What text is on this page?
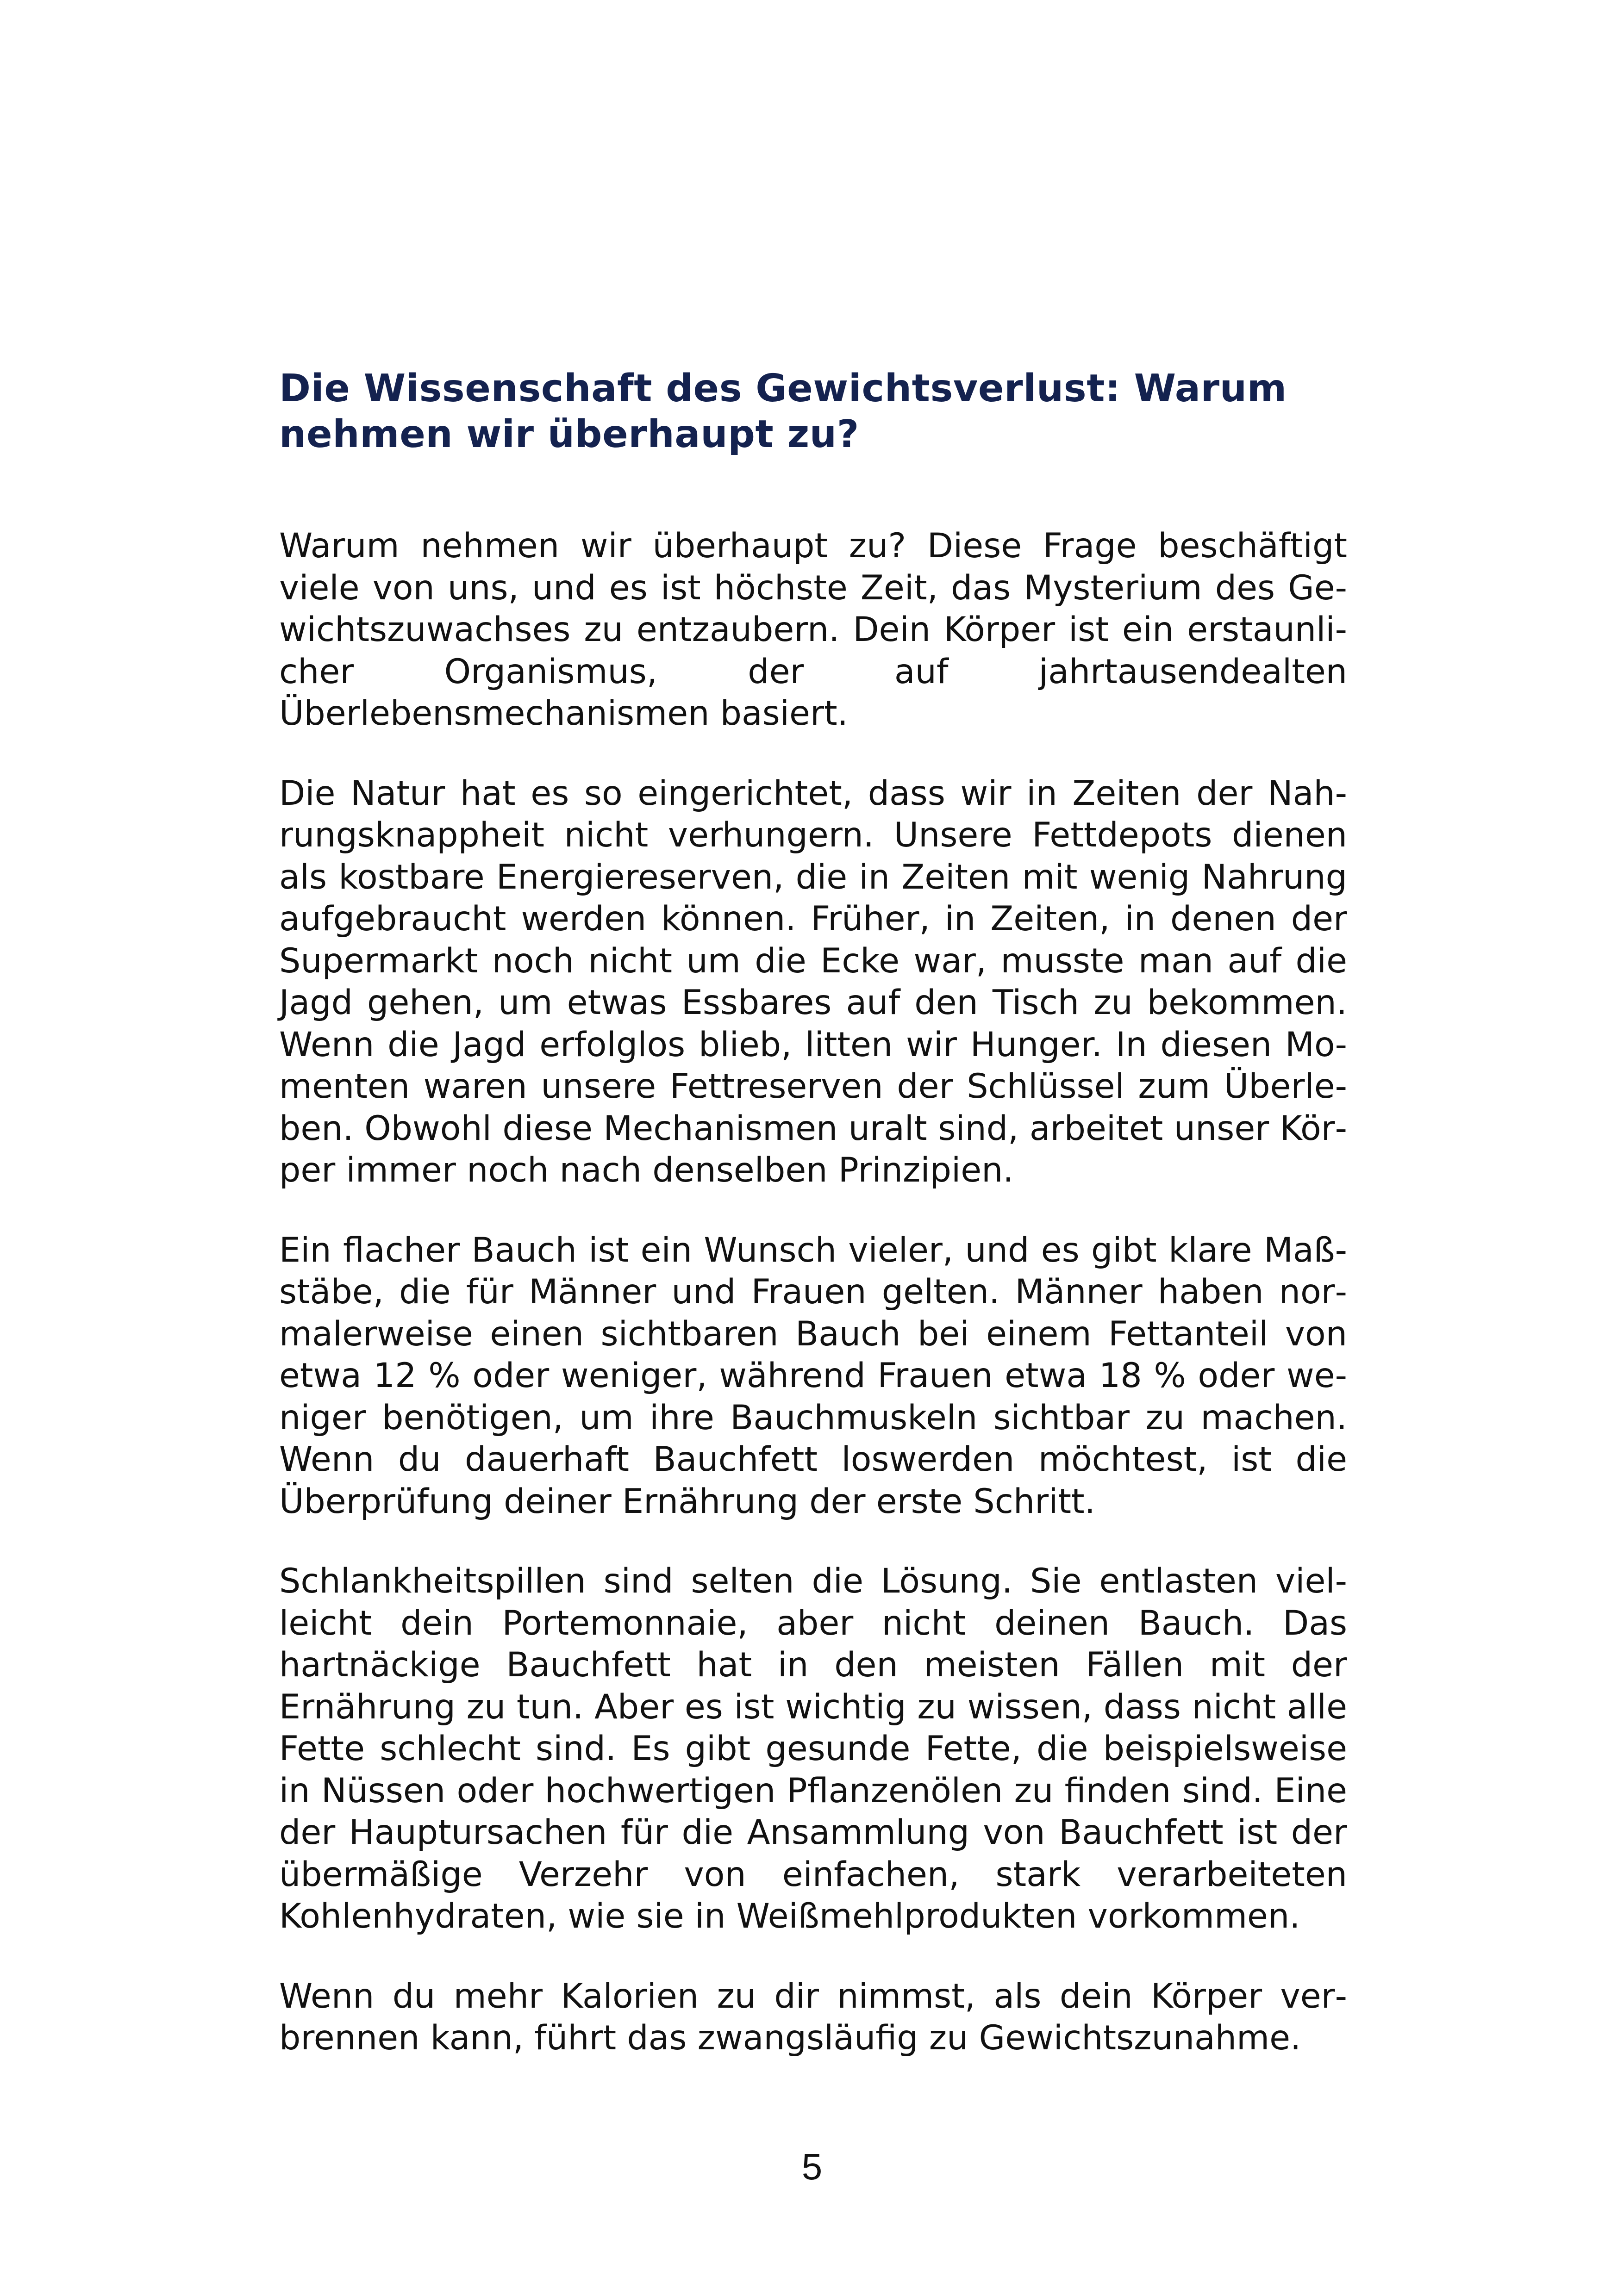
Die Wissenschaft des Gewichtsverlust: Warum nehmen wir überhaupt zu?

Warum nehmen wir überhaupt zu? Diese Frage beschäftigt viele von uns, und es ist höchste Zeit, das Mysterium des Gewichtszuwachses zu entzaubern. Dein Körper ist ein erstaunlicher Organismus, der auf jahrtausendealten Überlebensmechanismen basiert.

Die Natur hat es so eingerichtet, dass wir in Zeiten der Nahrungsknappheit nicht verhungern. Unsere Fettdepots dienen als kostbare Energiereserven, die in Zeiten mit wenig Nahrung aufgebraucht werden können. Früher, in Zeiten, in denen der Supermarkt noch nicht um die Ecke war, musste man auf die Jagd gehen, um etwas Essbares auf den Tisch zu bekommen. Wenn die Jagd erfolglos blieb, litten wir Hunger. In diesen Momenten waren unsere Fettreserven der Schlüssel zum Überleben. Obwohl diese Mechanismen uralt sind, arbeitet unser Körper immer noch nach denselben Prinzipien.

Ein flacher Bauch ist ein Wunsch vieler, und es gibt klare Maßstäbe, die für Männer und Frauen gelten. Männer haben normalerweise einen sichtbaren Bauch bei einem Fettanteil von etwa 12 % oder weniger, während Frauen etwa 18 % oder weniger benötigen, um ihre Bauchmuskeln sichtbar zu machen. Wenn du dauerhaft Bauchfett loswerden möchtest, ist die Überprüfung deiner Ernährung der erste Schritt.

Schlankheitspillen sind selten die Lösung. Sie entlasten vielleicht dein Portemonnaie, aber nicht deinen Bauch. Das hartnäckige Bauchfett hat in den meisten Fällen mit der Ernährung zu tun. Aber es ist wichtig zu wissen, dass nicht alle Fette schlecht sind. Es gibt gesunde Fette, die beispielsweise in Nüssen oder hochwertigen Pflanzenölen zu finden sind. Eine der Hauptursachen für die Ansammlung von Bauchfett ist der übermäßige Verzehr von einfachen, stark verarbeiteten Kohlenhydraten, wie sie in Weißmehlprodukten vorkommen.

Wenn du mehr Kalorien zu dir nimmst, als dein Körper verbrennen kann, führt das zwangsläufig zu Gewichtszunahme.

5
